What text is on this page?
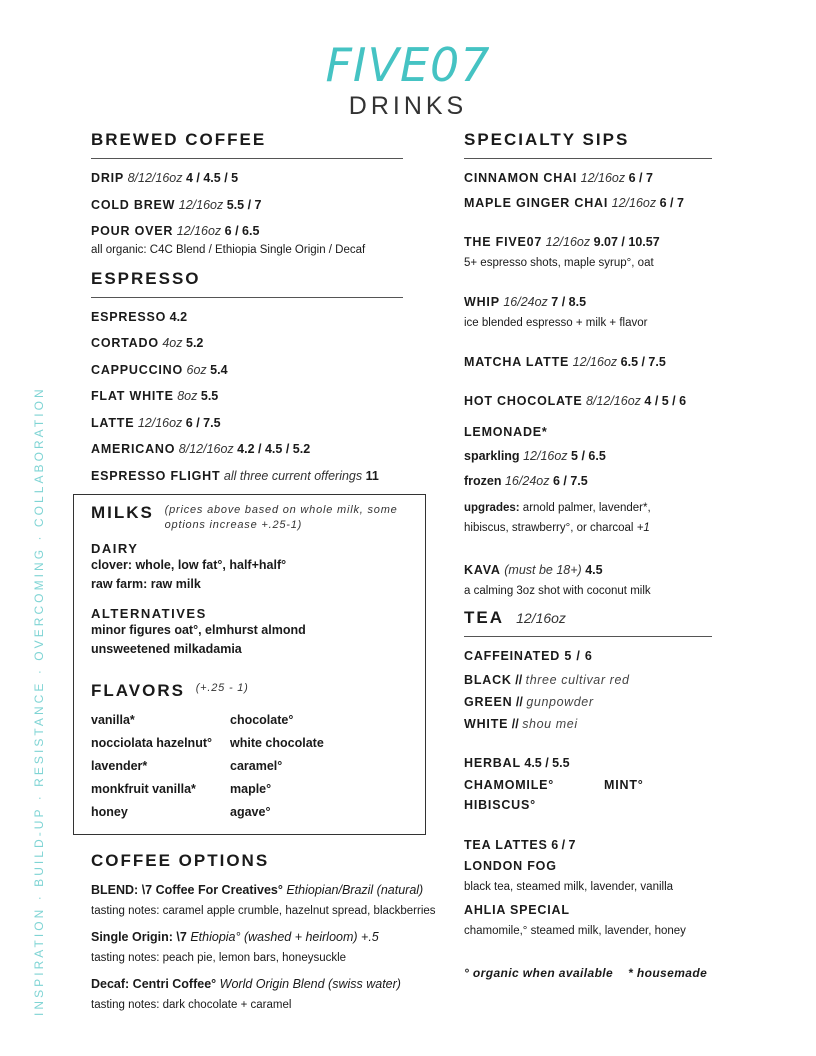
FIVE07
DRINKS
INSPIRATION · BUILD-UP · RESISTANCE · OVERCOMING · COLLABORATION
BREWED COFFEE
DRIP 8/12/16oz 4 / 4.5 / 5
COLD BREW 12/16oz 5.5 / 7
POUR OVER 12/16oz 6 / 6.5
all organic: C4C Blend / Ethiopia Single Origin / Decaf
ESPRESSO
ESPRESSO 4.2
CORTADO 4oz 5.2
CAPPUCCINO 6oz 5.4
FLAT WHITE 8oz 5.5
LATTE 12/16oz 6 / 7.5
AMERICANO 8/12/16oz 4.2 / 4.5 / 5.2
ESPRESSO FLIGHT all three current offerings 11
MILKS (prices above based on whole milk, some options increase +.25-1)
DAIRY
clover: whole, low fat°, half+half°
raw farm: raw milk
ALTERNATIVES
minor figures oat°, elmhurst almond
unsweetened milkadamia
FLAVORS (+.25 - 1)
vanilla*	chocolate°
nocciolata hazelnut°	white chocolate
lavender*	caramel°
monkfruit vanilla*	maple°
honey	agave°
COFFEE OPTIONS
BLEND: \7 Coffee For Creatives° Ethiopian/Brazil (natural)
tasting notes: caramel apple crumble, hazelnut spread, blackberries
Single Origin: \7 Ethiopia° (washed + heirloom) +.5
tasting notes: peach pie, lemon bars, honeysuckle
Decaf: Centri Coffee° World Origin Blend (swiss water)
tasting notes: dark chocolate + caramel
SPECIALTY SIPS
CINNAMON CHAI 12/16oz 6 / 7
MAPLE GINGER CHAI 12/16oz 6 / 7
THE FIVE07 12/16oz 9.07 / 10.57
5+ espresso shots, maple syrup°, oat
WHIP 16/24oz 7 / 8.5
ice blended espresso + milk + flavor
MATCHA LATTE 12/16oz 6.5 / 7.5
HOT CHOCOLATE 8/12/16oz 4 / 5 / 6
LEMONADE*
sparkling 12/16oz 5 / 6.5
frozen 16/24oz 6 / 7.5
upgrades: arnold palmer, lavender*,
hibiscus, strawberry°, or charcoal +1
KAVA (must be 18+) 4.5
a calming 3oz shot with coconut milk
TEA 12/16oz
CAFFEINATED 5 / 6
BLACK // three cultivar red
GREEN // gunpowder
WHITE // shou mei
HERBAL 4.5 / 5.5
CHAMOMILE°	MINT°
HIBISCUS°
TEA LATTES 6 / 7
LONDON FOG
black tea, steamed milk, lavender, vanilla
AHLIA SPECIAL
chamomile,° steamed milk, lavender, honey
° organic when available * housemade
